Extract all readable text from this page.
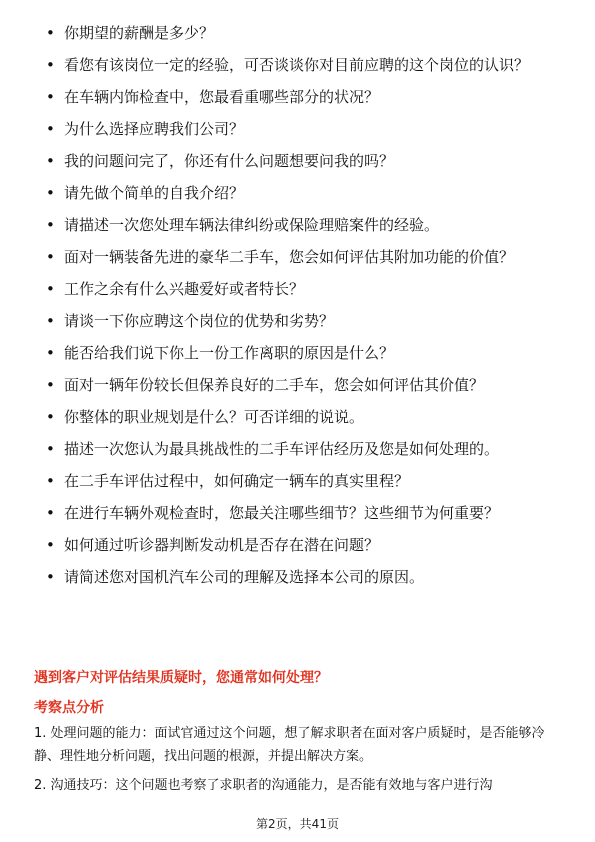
• 你期望的薪酬是多少？
• 看您有该岗位一定的经验，可否谈谈你对目前应聘的这个岗位的认识？
• 在车辆内饰检查中，您最看重哪些部分的状况？
• 为什么选择应聘我们公司？
• 我的问题问完了，你还有什么问题想要问我的吗？
• 请先做个简单的自我介绍？
• 请描述一次您处理车辆法律纠纷或保险理赔案件的经验。
• 面对一辆装备先进的豪华二手车，您会如何评估其附加功能的价值？
• 工作之余有什么兴趣爱好或者特长？
• 请谈一下你应聘这个岗位的优势和劣势？
• 能否给我们说下你上一份工作离职的原因是什么？
• 面对一辆年份较长但保养良好的二手车，您会如何评估其价值？
• 你整体的职业规划是什么？可否详细的说说。
• 描述一次您认为最具挑战性的二手车评估经历及您是如何处理的。
• 在二手车评估过程中，如何确定一辆车的真实里程？
• 在进行车辆外观检查时，您最关注哪些细节？这些细节为何重要？
• 如何通过听诊器判断发动机是否存在潜在问题？
• 请简述您对国机汽车公司的理解及选择本公司的原因。
遇到客户对评估结果质疑时，您通常如何处理？
考察点分析

1. 处理问题的能力：面试官通过这个问题，想了解求职者在面对客户质疑时，是否能够冷静、理性地分析问题，找出问题的根源，并提出解决方案。

2. 沟通技巧：这个问题也考察了求职者的沟通能力，是否能有效地与客户进行沟

第2页，共41页
